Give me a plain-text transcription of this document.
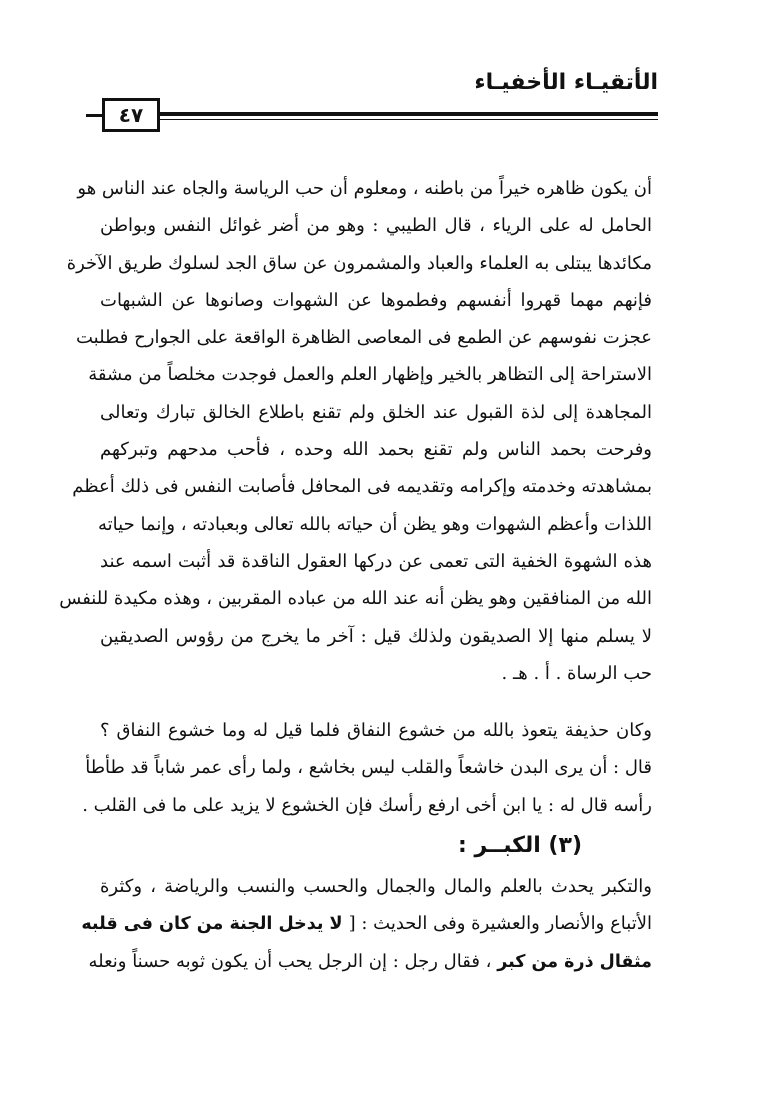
الأتقيـاء الأخفيـاء
٤٧
أن يكون ظاهره خيراً من باطنه ، ومعلوم أن حب الرياسة والجاه عند الناس هو
الحامل له على الرياء ، قال الطيبي : وهو من أضر غوائل النفس وبواطن
مكائدها يبتلى به العلماء والعباد والمشمرون عن ساق الجد لسلوك طريق الآخرة
فإنهم مهما قهروا أنفسهم وفطموها عن الشهوات وصانوها عن الشبهات
عجزت نفوسهم عن الطمع فى المعاصى الظاهرة الواقعة على الجوارح فطلبت
الاستراحة إلى التظاهر بالخير وإظهار العلم والعمل فوجدت مخلصاً من مشقة
المجاهدة إلى لذة القبول عند الخلق ولم تقنع باطلاع الخالق تبارك وتعالى
وفرحت بحمد الناس ولم تقنع بحمد الله وحده ، فأحب مدحهم وتبركهم
بمشاهدته وخدمته وإكرامه وتقديمه فى المحافل فأصابت النفس فى ذلك أعظم
اللذات وأعظم الشهوات وهو يظن أن حياته بالله تعالى وبعبادته ، وإنما حياته
هذه الشهوة الخفية التى تعمى عن دركها العقول الناقدة قد أثبت اسمه عند
الله من المنافقين وهو يظن أنه عند الله من عباده المقربين ، وهذه مكيدة للنفس
لا يسلم منها إلا الصديقون ولذلك قيل : آخر ما يخرج من رؤوس الصديقين
حب الرساة . أ . هـ .
وكان حذيفة يتعوذ بالله من خشوع النفاق فلما قيل له وما خشوع النفاق ؟
قال : أن يرى البدن خاشعاً والقلب ليس بخاشع ، ولما رأى عمر شاباً قد طأطأ
رأسه قال له : يا ابن أخى ارفع رأسك فإن الخشوع لا يزيد على ما فى القلب .
(٣) الكبــر :
والتكبر يحدث بالعلم والمال والجمال والحسب والنسب والرياضة ، وكثرة
الأتباع والأنصار والعشيرة وفى الحديث : [ لا يدخل الجنة من كان فى قلبه
مثقال ذرة من كبر ، فقال رجل : إن الرجل يحب أن يكون ثوبه حسناً ونعله
